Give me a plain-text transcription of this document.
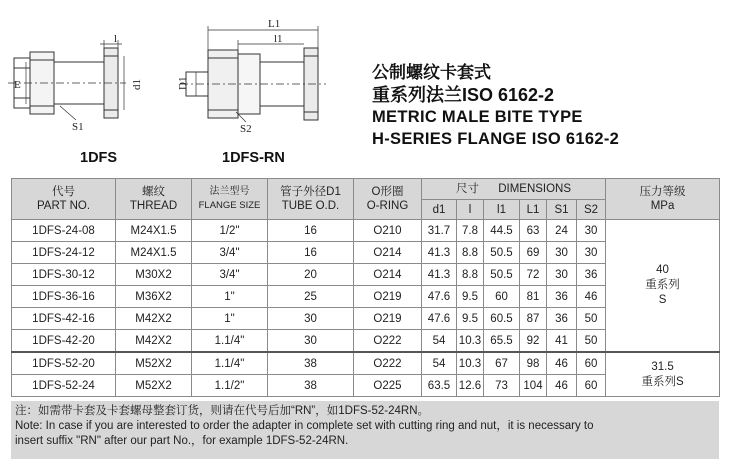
l
E	d1
S1
L1
l1
D1
S2
1DFS	1DFS-RN
公制螺纹卡套式
重系列法兰ISO 6162-2
METRIC MALE BITE TYPE
H-SERIES FLANGE ISO 6162-2
代号
PART NO.	螺纹
THREAD	法兰型号
FLANGE SIZE	管子外径D1
TUBE O.D.	O形圈
O-RING	尺寸 DIMENSIONS						压力等级
MPa

					d1	l	l1	L1	S1	S2	
1DFS-24-08	M24X1.5	1/2"	16	O210	31.7	7.8	44.5	63	24	30	40
重系列
S

1DFS-24-12	M24X1.5	3/4"	16	O214	41.3	8.8	50.5	69	30	30	
1DFS-30-12	M30X2	3/4"	20	O214	41.3	8.8	50.5	72	30	36	
1DFS-36-16	M36X2	1"	25	O219	47.6	9.5	60	81	36	46	
1DFS-42-16	M42X2	1"	30	O219	47.6	9.5	60.5	87	36	50	
1DFS-42-20	M42X2	1.1/4"	30	O222	54	10.3	65.5	92	41	50	
1DFS-52-20	M52X2	1.1/4"	38	O222	54	10.3	67	98	46	60	31.5
重系列S

1DFS-52-24	M52X2	1.1/2"	38	O225	63.5	12.6	73	104	46	60	
注：如需带卡套及卡套螺母整套订货，则请在代号后加“RN”，如1DFS-52-24RN。
Note: In case if you are interested to order the adapter in complete set with cutting ring and nut，it is necessary to
insert suffix "RN" after our part No.，for example 1DFS-52-24RN.
